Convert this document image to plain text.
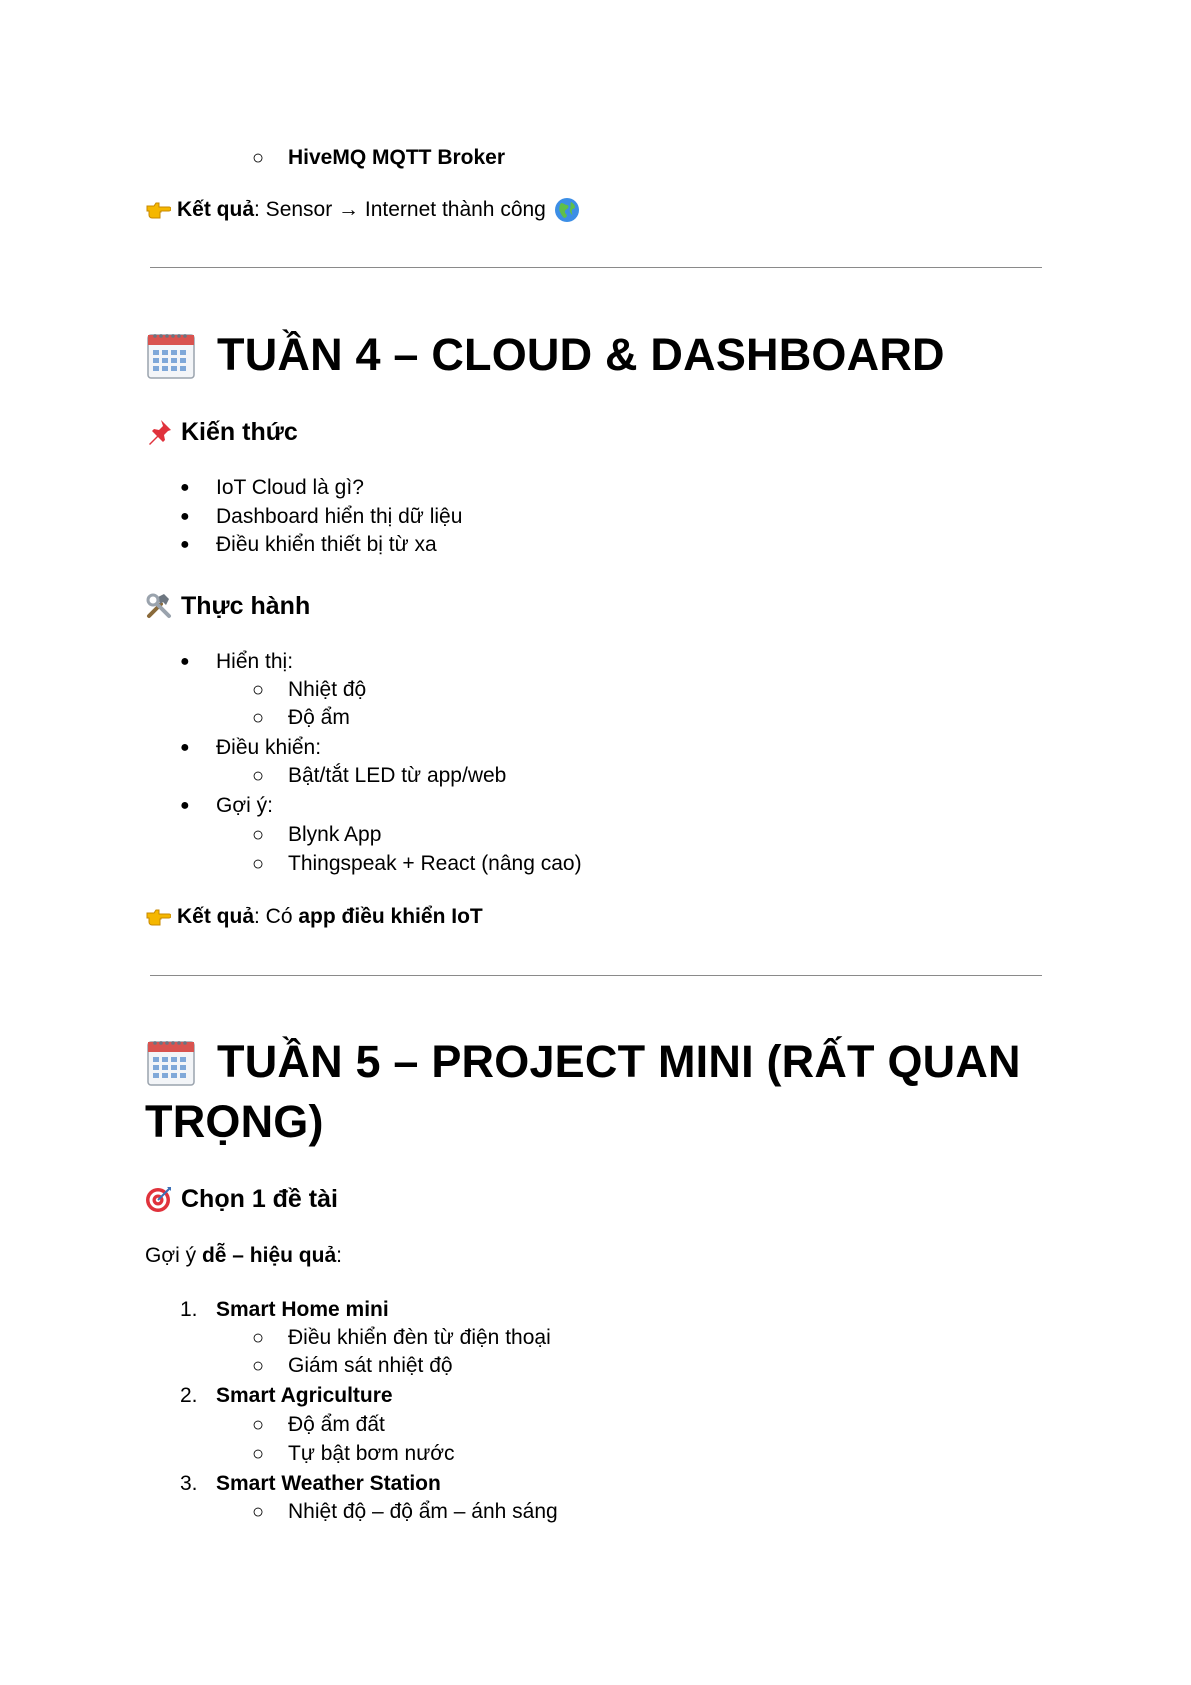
○ HiveMQ MQTT Broker
Kết quả : Sensor → Internet thành công
TUẦN 4 – CLOUD & DASHBOARD
Kiến thức
● IoT Cloud là gì?
● Dashboard hiển thị dữ liệu
● Điều khiển thiết bị từ xa
Thực hành
● Hiển thị:
○ Nhiệt độ
○ Độ ẩm
● Điều khiển:
○ Bật/tắt LED từ app/web
● Gợi ý:
○ Blynk App
○ Thingspeak + React (nâng cao)
Kết quả : Có app điều khiển IoT
TUẦN 5 – PROJECT MINI (RẤT QUAN
TRỌNG)
Chọn 1 đề tài
Gợi ý dễ – hiệu quả:
1. Smart Home mini
○ Điều khiển đèn từ điện thoại
○ Giám sát nhiệt độ
2. Smart Agriculture
○ Độ ẩm đất
○ Tự bật bơm nước
3. Smart Weather Station
○ Nhiệt độ – độ ẩm – ánh sáng
